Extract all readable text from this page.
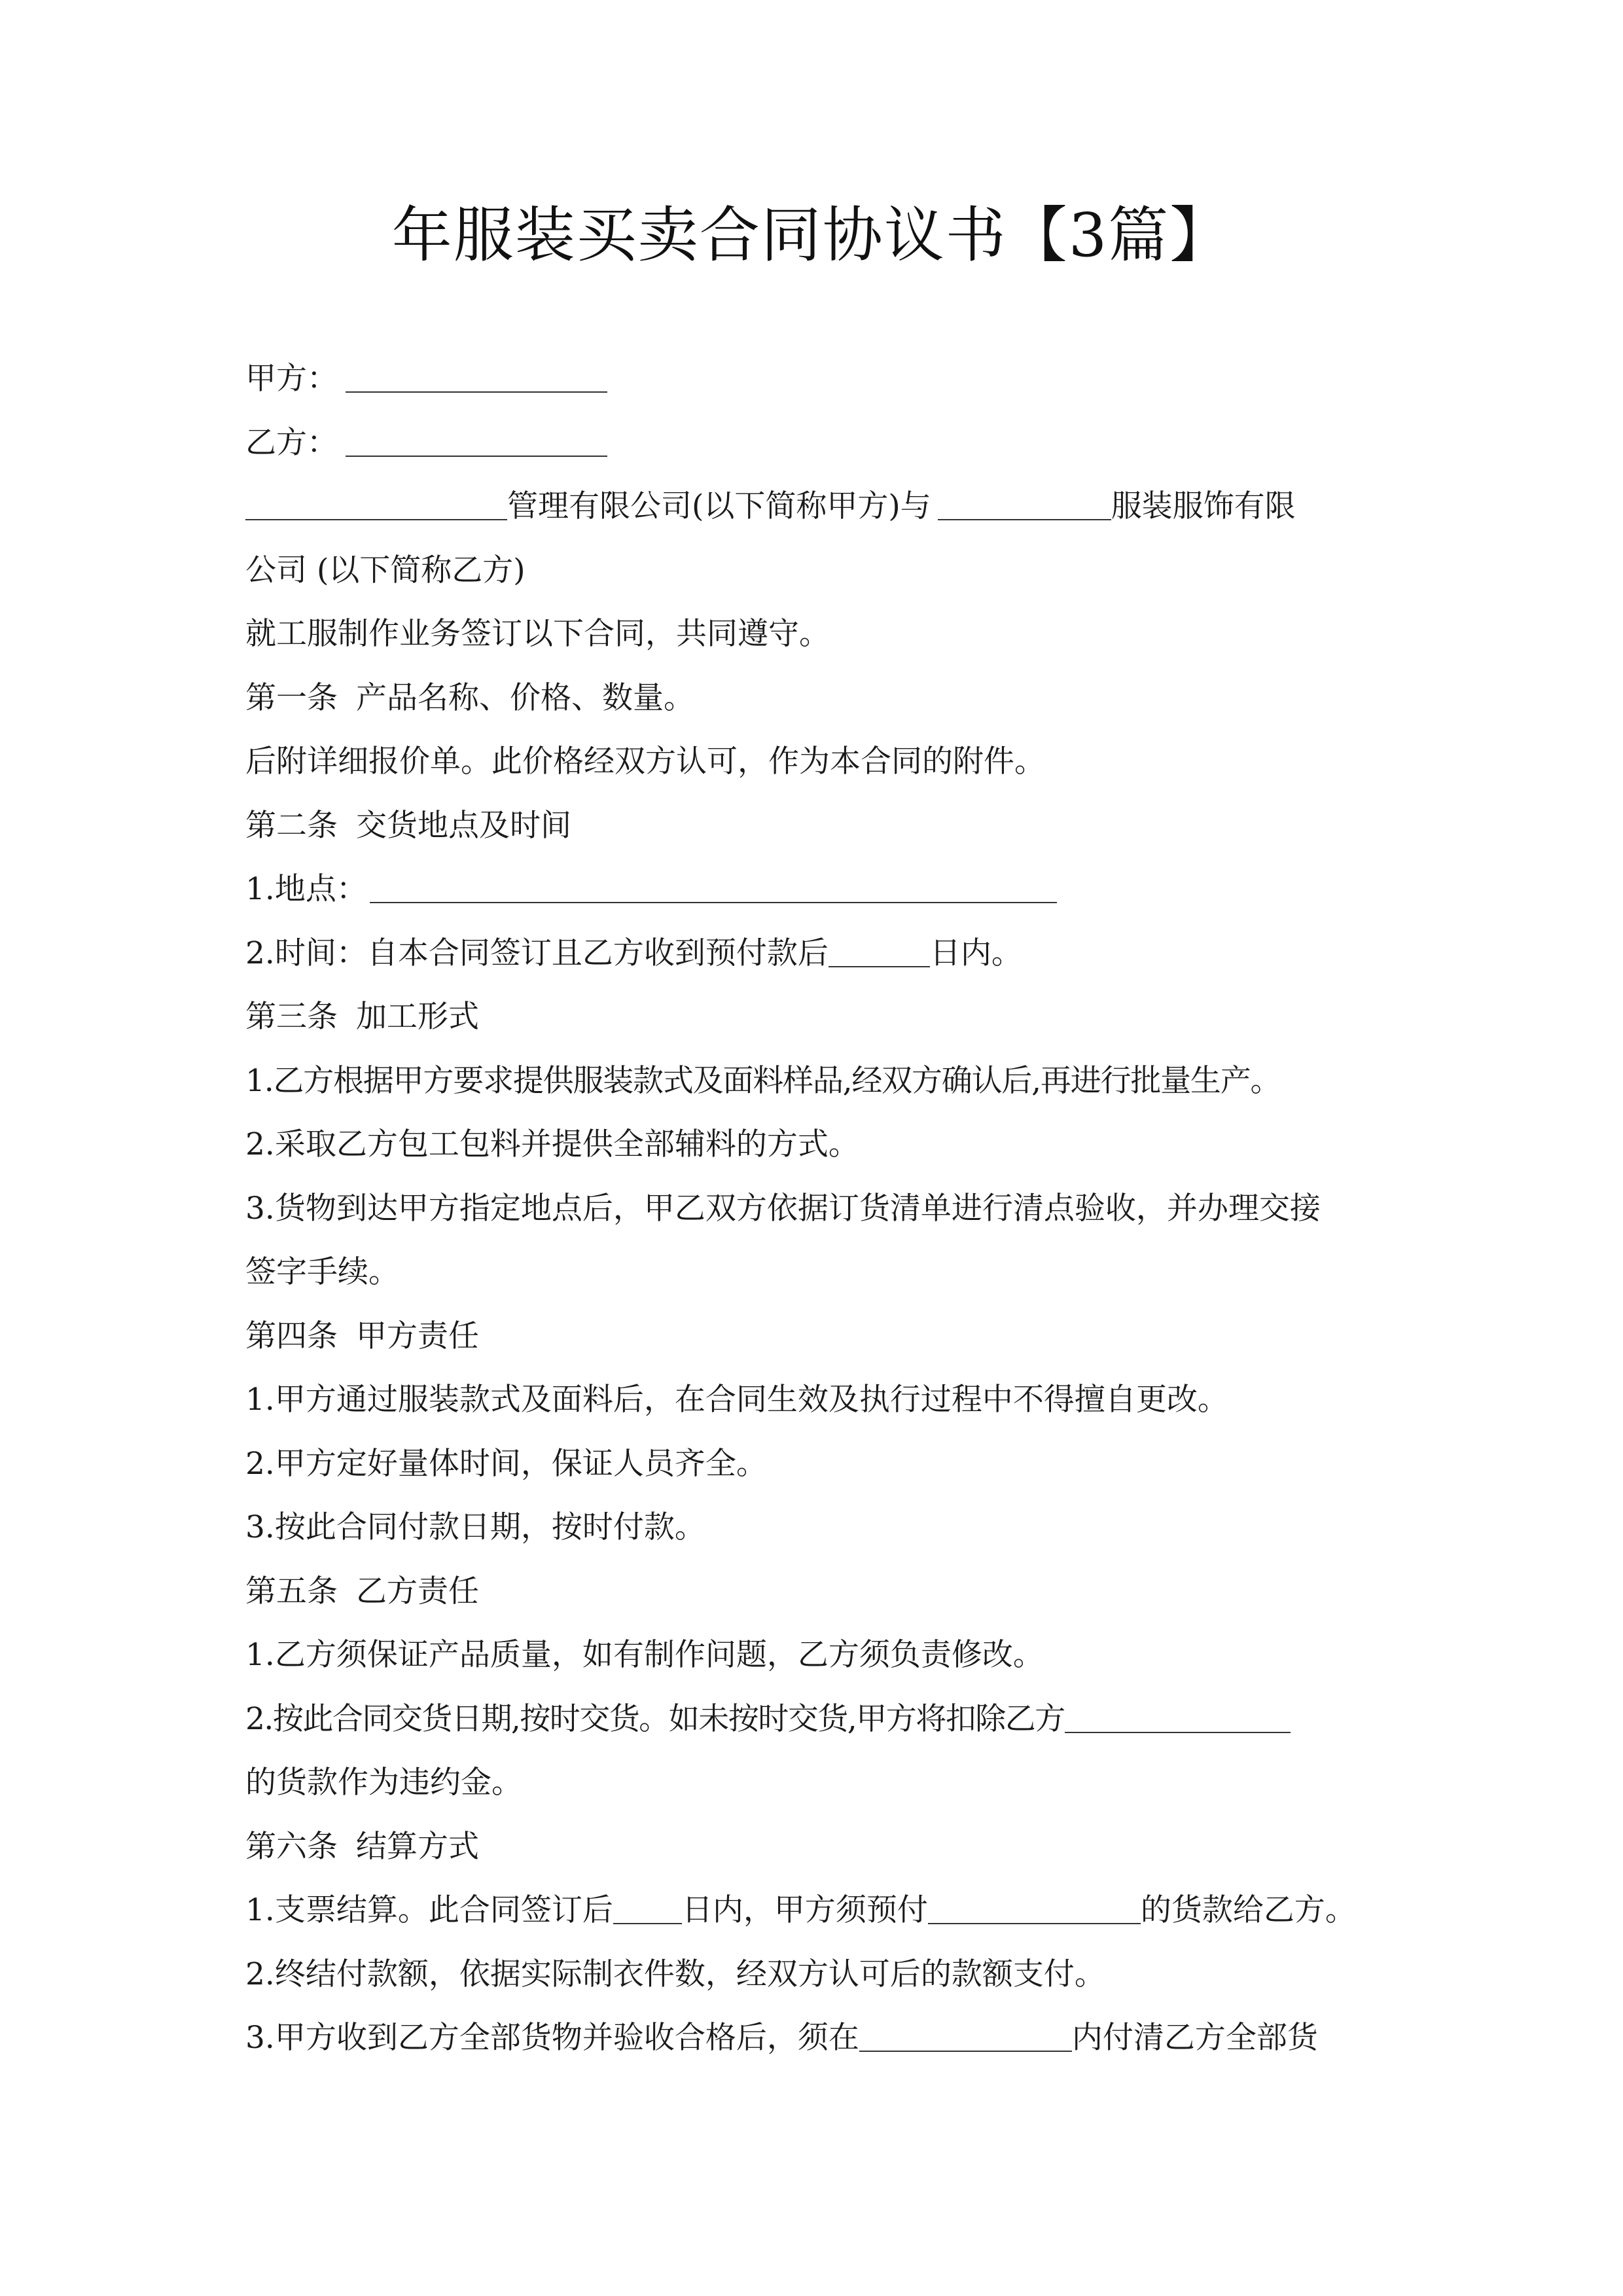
年服装买卖合同协议书【3篇】
甲方：
乙方：
管理有限公司(以下简称甲方)与	服装服饰有限
公司 (以下简称乙方)
就工服制作业务签订以下合同，共同遵守。
第一条 产品名称、价格、数量。
后附详细报价单。此价格经双方认可，作为本合同的附件。
第二条 交货地点及时间
1.地点：
2.时间：自本合同签订且乙方收到预付款后	日内。
第三条 加工形式
1.乙方根据甲方要求提供服装款式及面料样品,经双方确认后,再进行批量生产。
2.采取乙方包工包料并提供全部辅料的方式。
3.货物到达甲方指定地点后，甲乙双方依据订货清单进行清点验收，并办理交接
签字手续。
第四条 甲方责任
1.甲方通过服装款式及面料后，在合同生效及执行过程中不得擅自更改。
2.甲方定好量体时间，保证人员齐全。
3.按此合同付款日期，按时付款。
第五条 乙方责任
1.乙方须保证产品质量，如有制作问题，乙方须负责修改。
2.按此合同交货日期,按时交货。如未按时交货,甲方将扣除乙方
的货款作为违约金。
第六条 结算方式
1.支票结算。此合同签订后 日内，甲方须预付	的货款给乙方。
2.终结付款额，依据实际制衣件数，经双方认可后的款额支付。
3.甲方收到乙方全部货物并验收合格后，须在	内付清乙方全部货
